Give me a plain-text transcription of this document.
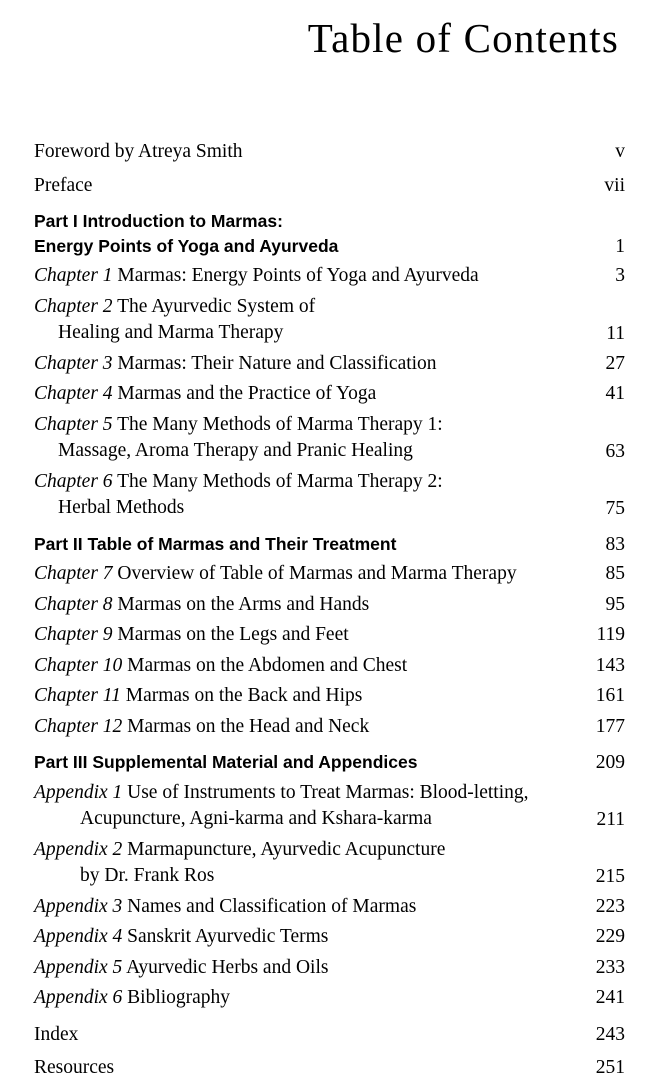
Table of Contents
Foreword by Atreya Smith	v
Preface	vii
Part I Introduction to Marmas:
Energy Points of Yoga and Ayurveda	1
Chapter 1 Marmas: Energy Points of Yoga and Ayurveda	3
Chapter 2 The Ayurvedic System of
Healing and Marma Therapy	11
Chapter 3 Marmas: Their Nature and Classification	27
Chapter 4 Marmas and the Practice of Yoga	41
Chapter 5 The Many Methods of Marma Therapy 1:
Massage, Aroma Therapy and Pranic Healing	63
Chapter 6 The Many Methods of Marma Therapy 2:
Herbal Methods	75
Part II Table of Marmas and Their Treatment	83
Chapter 7 Overview of Table of Marmas and Marma Therapy	85
Chapter 8 Marmas on the Arms and Hands	95
Chapter 9 Marmas on the Legs and Feet	119
Chapter 10 Marmas on the Abdomen and Chest	143
Chapter 11 Marmas on the Back and Hips	161
Chapter 12 Marmas on the Head and Neck	177
Part III Supplemental Material and Appendices	209
Appendix 1 Use of Instruments to Treat Marmas: Blood-letting,
Acupuncture, Agni-karma and Kshara-karma	211
Appendix 2 Marmapuncture, Ayurvedic Acupuncture
by Dr. Frank Ros	215
Appendix 3 Names and Classification of Marmas	223
Appendix 4 Sanskrit Ayurvedic Terms	229
Appendix 5 Ayurvedic Herbs and Oils	233
Appendix 6 Bibliography	241
Index	243
Resources	251
